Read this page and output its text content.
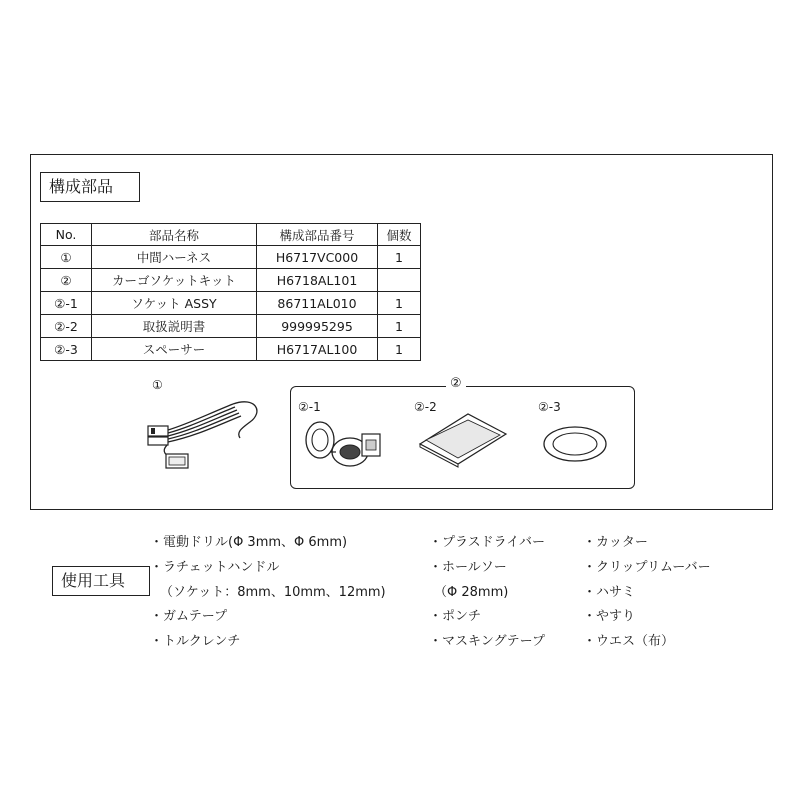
構成部品
No.	部品名称	構成部品番号	個数
①	中間ハーネス	H6717VC000	1
②	カーゴソケットキット	H6718AL101	
②-1	ソケット ASSY	86711AL010	1
②-2	取扱説明書	999995295	1
②-3	スペーサー	H6717AL100	1
①	②
②-1	②-2	②-3
使用工具
・電動ドリル(Φ 3mm、Φ 6mm)
・ラチェットハンドル
（ソケット：8mm、10mm、12mm)
・ガムテープ
・トルクレンチ
・プラスドライバー
・ホールソー
（Φ 28mm)
・ポンチ
・マスキングテープ
・カッター
・クリップリムーバー
・ハサミ
・やすり
・ウエス（布）
